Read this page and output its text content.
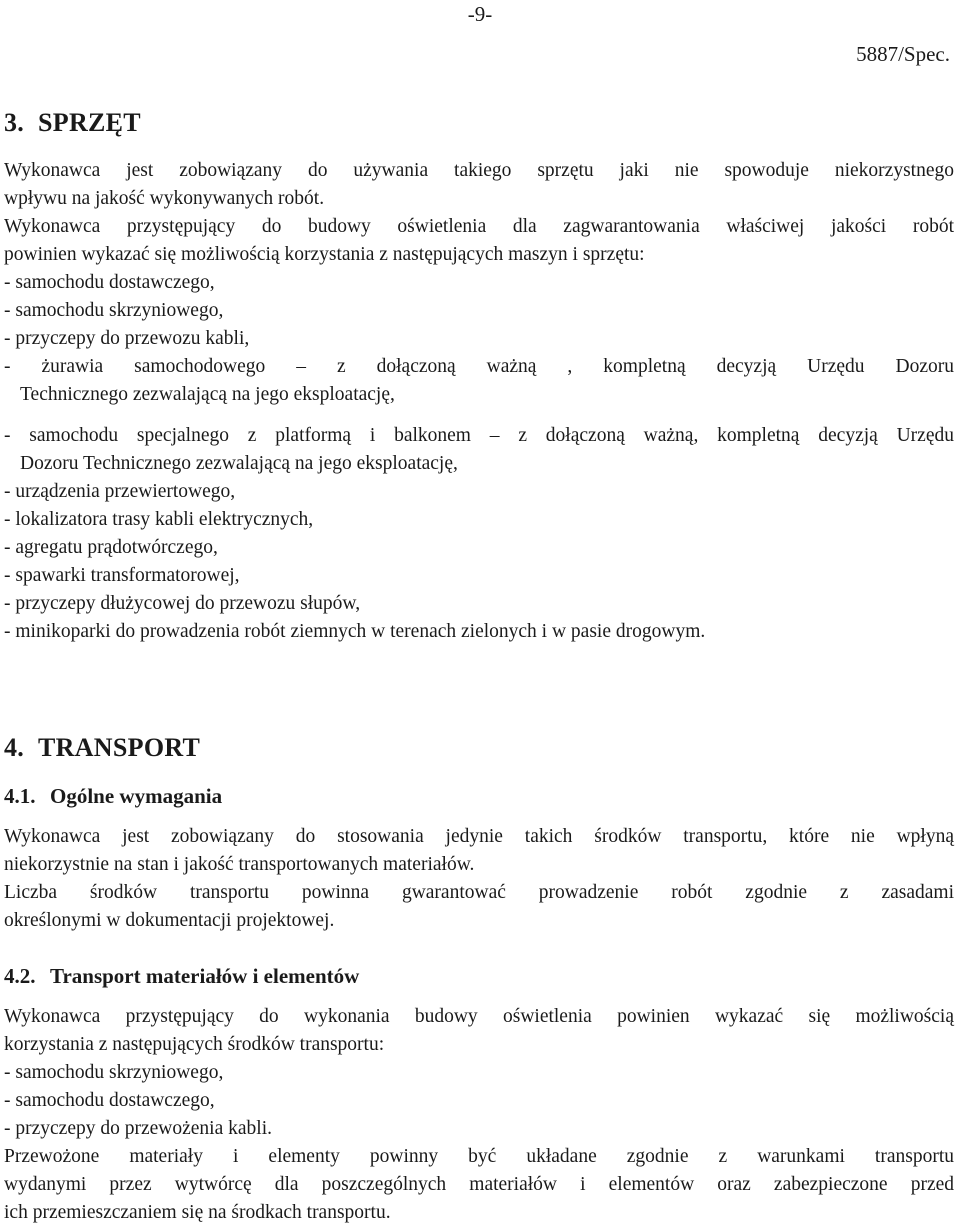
-9-
5887/Spec.
3. SPRZĘT

Wykonawca jest zobowiązany do używania takiego sprzętu jaki nie spowoduje niekorzystnego

wpływu na jakość wykonywanych robót.

Wykonawca przystępujący do budowy oświetlenia dla zagwarantowania właściwej jakości robót

powinien wykazać się możliwością korzystania z następujących maszyn i sprzętu:

- samochodu dostawczego,

- samochodu skrzyniowego,

- przyczepy do przewozu kabli,

- żurawia samochodowego – z dołączoną ważną , kompletną decyzją Urzędu Dozoru

Technicznego zezwalającą na jego eksploatację,

- samochodu specjalnego z platformą i balkonem – z dołączoną ważną, kompletną decyzją Urzędu

Dozoru Technicznego zezwalającą na jego eksploatację,

- urządzenia przewiertowego,

- lokalizatora trasy kabli elektrycznych,

- agregatu prądotwórczego,

- spawarki transformatorowej,

- przyczepy dłużycowej do przewozu słupów,

- minikoparki do prowadzenia robót ziemnych w terenach zielonych i w pasie drogowym.

4. TRANSPORT
4.1. Ogólne wymagania

Wykonawca jest zobowiązany do stosowania jedynie takich środków transportu, które nie wpłyną

niekorzystnie na stan i jakość transportowanych materiałów.

Liczba środków transportu powinna gwarantować prowadzenie robót zgodnie z zasadami

określonymi w dokumentacji projektowej.

4.2. Transport materiałów i elementów

Wykonawca przystępujący do wykonania budowy oświetlenia powinien wykazać się możliwością

korzystania z następujących środków transportu:

- samochodu skrzyniowego,

- samochodu dostawczego,

- przyczepy do przewożenia kabli.

Przewożone materiały i elementy powinny być układane zgodnie z warunkami transportu

wydanymi przez wytwórcę dla poszczególnych materiałów i elementów oraz zabezpieczone przed

ich przemieszczaniem się na środkach transportu.
